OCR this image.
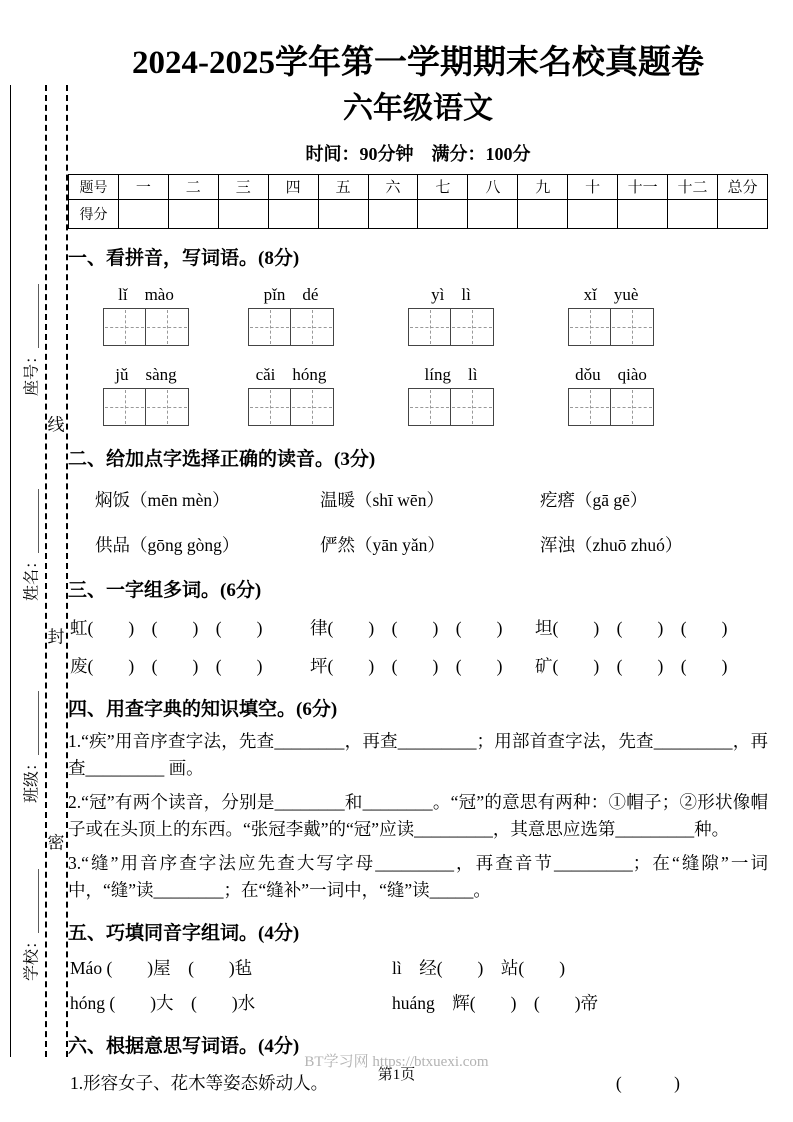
座号：＿＿＿＿
姓名：＿＿＿＿
班级：＿＿＿＿
学校：＿＿＿＿
线
封
密
2024-2025学年第一学期期末名校真题卷
六年级语文
时间：90分钟　满分：100分
题号	一	二	三	四	五	六	七	八	九	十	十一	十二	总分
得分													
一、看拼音，写词语。(8分)
lǐ　mào	pǐn　dé	yì　lì	xǐ　yuè
jǔ　sàng	cǎi　hóng	líng　lì	dǒu　qiào
二、给加点字选择正确的读音。(3分)
焖饭（mēn mèn）	温暖（shī wēn）	疙瘩（gā gē）
供品（gōng gòng）	俨然（yān yǎn）	浑浊（zhuō zhuó）
三、一字组多词。(6分)
虹(　　)　(　　)　(　　)	律(　　)　(　　)　(　　)	坦(　　)　(　　)　(　　)
废(　　)　(　　)　(　　)	坪(　　)　(　　)　(　　)	矿(　　)　(　　)　(　　)
四、用查字典的知识填空。(6分)

1.“疾”用音序查字法，先查________，再查_________；用部首查字法，先查_________，再查_________ 画。

2.“冠”有两个读音，分别是________和________。“冠”的意思有两种：①帽子；②形状像帽子或在头顶上的东西。“张冠李戴”的“冠”应读_________，其意思应选第_________种。

3.“缝”用音序查字法应先查大写字母_________，再查音节_________；在“缝隙”一词中，“缝”读________；在“缝补”一词中，“缝”读_____。

五、巧填同音字组词。(4分)
Máo (　　)屋　(　　)毡	lì　经(　　)　站(　　)
hóng (　　)大　(　　)水	huáng　辉(　　)　(　　)帝
六、根据意思写词语。(4分)
1.形容女子、花木等姿态娇动人。	(　　　)
BT学习网 https://btxuexi.com
第1页
